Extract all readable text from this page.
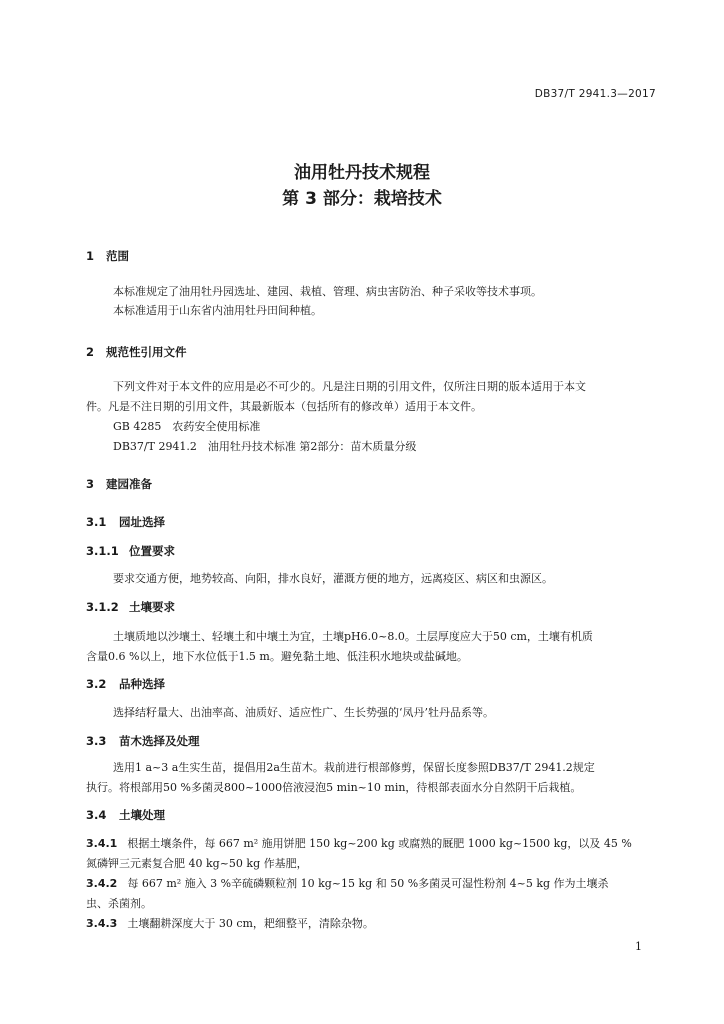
DB37/T 2941.3—2017
油用牡丹技术规程
第 3 部分：栽培技术
1 范围
本标准规定了油用牡丹园选址、建园、栽植、管理、病虫害防治、种子采收等技术事项。
本标准适用于山东省内油用牡丹田间种植。
2 规范性引用文件
下列文件对于本文件的应用是必不可少的。凡是注日期的引用文件，仅所注日期的版本适用于本文
件。凡是不注日期的引用文件，其最新版本（包括所有的修改单）适用于本文件。
GB 4285　农药安全使用标准
DB37/T 2941.2　油用牡丹技术标准 第2部分：苗木质量分级
3 建园准备
3.1 园址选择
3.1.1 位置要求
要求交通方便，地势较高、向阳，排水良好，灌溉方便的地方，远离疫区、病区和虫源区。
3.1.2 土壤要求
土壤质地以沙壤土、轻壤土和中壤土为宜，土壤pH6.0~8.0。土层厚度应大于50 cm，土壤有机质
含量0.6 %以上，地下水位低于1.5 m。避免黏土地、低洼积水地块或盐碱地。
3.2 品种选择
选择结籽量大、出油率高、油质好、适应性广、生长势强的‘凤丹’牡丹品系等。
3.3 苗木选择及处理
选用1 a~3 a生实生苗，提倡用2a生苗木。栽前进行根部修剪，保留长度参照DB37/T 2941.2规定
执行。将根部用50 %多菌灵800~1000倍液浸泡5 min~10 min，待根部表面水分自然阴干后栽植。
3.4 土壤处理
3.4.1 根据土壤条件，每 667 m² 施用饼肥 150 kg~200 kg 或腐熟的厩肥 1000 kg~1500 kg，以及 45 %
氮磷钾三元素复合肥 40 kg~50 kg 作基肥，
3.4.2 每 667 m² 施入 3 %辛硫磷颗粒剂 10 kg~15 kg 和 50 %多菌灵可湿性粉剂 4~5 kg 作为土壤杀
虫、杀菌剂。
3.4.3 土壤翻耕深度大于 30 cm，耙细整平，清除杂物。
1
